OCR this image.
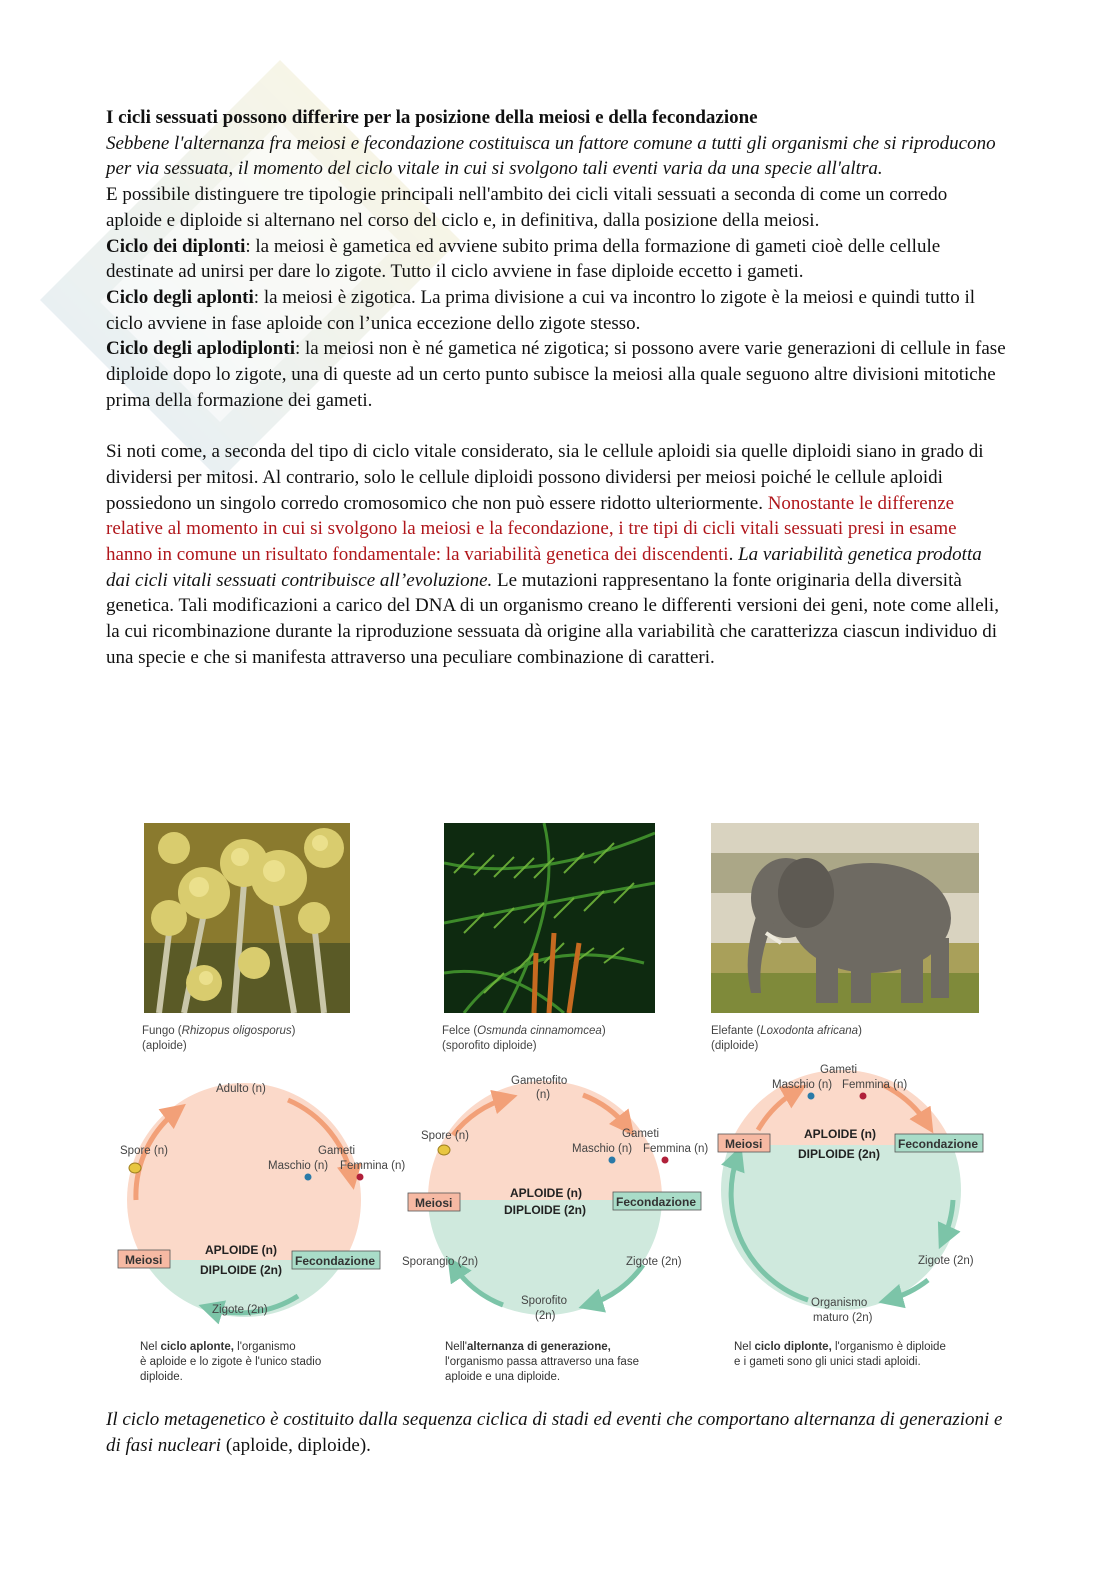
I cicli sessuati possono differire per la posizione della meiosi e della fecondazione

Sebbene l'alternanza fra meiosi e fecondazione costituisca un fattore comune a tutti gli organismi che si riproducono per via sessuata, il momento del ciclo vitale in cui si svolgono tali eventi varia da una specie all'altra.

E possibile distinguere tre tipologie principali nell'ambito dei cicli vitali sessuati a seconda di come un corredo aploide e diploide si alternano nel corso del ciclo e, in definitiva, dalla posizione della meiosi.

Ciclo dei diplonti: la meiosi è gametica ed avviene subito prima della formazione di gameti cioè delle cellule destinate ad unirsi per dare lo zigote. Tutto il ciclo avviene in fase diploide eccetto i gameti.

Ciclo degli aplonti: la meiosi è zigotica. La prima divisione a cui va incontro lo zigote è la meiosi e quindi tutto il ciclo avviene in fase aploide con l’unica eccezione dello zigote stesso.

Ciclo degli aplodiplonti: la meiosi non è né gametica né zigotica; si possono avere varie generazioni di cellule in fase diploide dopo lo zigote, una di queste ad un certo punto subisce la meiosi alla quale seguono altre divisioni mitotiche prima della formazione dei gameti.

Si noti come, a seconda del tipo di ciclo vitale considerato, sia le cellule aploidi sia quelle diploidi siano in grado di dividersi per mitosi. Al contrario, solo le cellule diploidi possono dividersi per meiosi poiché le cellule aploidi possiedono un singolo corredo cromosomico che non può essere ridotto ulteriormente. Nonostante le differenze relative al momento in cui si svolgono la meiosi e la fecondazione, i tre tipi di cicli vitali sessuati presi in esame hanno in comune un risultato fondamentale: la variabilità genetica dei discendenti. La variabilità genetica prodotta dai cicli vitali sessuati contribuisce all’evoluzione. Le mutazioni rappresentano la fonte originaria della diversità genetica. Tali modificazioni a carico del DNA di un organismo creano le differenti versioni dei geni, note come alleli, la cui ricombinazione durante la riproduzione sessuata dà origine alla variabilità che caratterizza ciascun individuo di una specie e che si manifesta attraverso una peculiare combinazione di caratteri.

Fungo (Rhizopus oligosporus)
(aploide)
Felce (Osmunda cinnamomcea)
(sporofito diploide)
Elefante (Loxodonta africana)
(diploide)
Adulto (n)
Spore (n)	Gameti
Maschio (n) Femmina (n)
APLOIDE (n)
DIPLOIDE (2n)
Meiosi	Fecondazione
Zigote (2n)
Nel ciclo aplonte, l'organismo
è aploide e lo zigote è l'unico stadio
diploide.
Gametofito
(n)
Spore (n)	Gameti
Maschio (n) Femmina (n)
APLOIDE (n)
DIPLOIDE (2n)
Meiosi	Fecondazione
Sporangio (2n)	Zigote (2n)
Sporofito
(2n)
Nell'alternanza di generazione,
l'organismo passa attraverso una fase
aploide e una diploide.
Gameti
Maschio (n) Femmina (n)
APLOIDE (n)
DIPLOIDE (2n)
Meiosi	Fecondazione
Zigote (2n)
Organismo
maturo (2n)
Nel ciclo diplonte, l'organismo è diploide
e i gameti sono gli unici stadi aploidi.
Il ciclo metagenetico è costituito dalla sequenza ciclica di stadi ed eventi che comportano alternanza di generazioni e di fasi nucleari (aploide, diploide).
